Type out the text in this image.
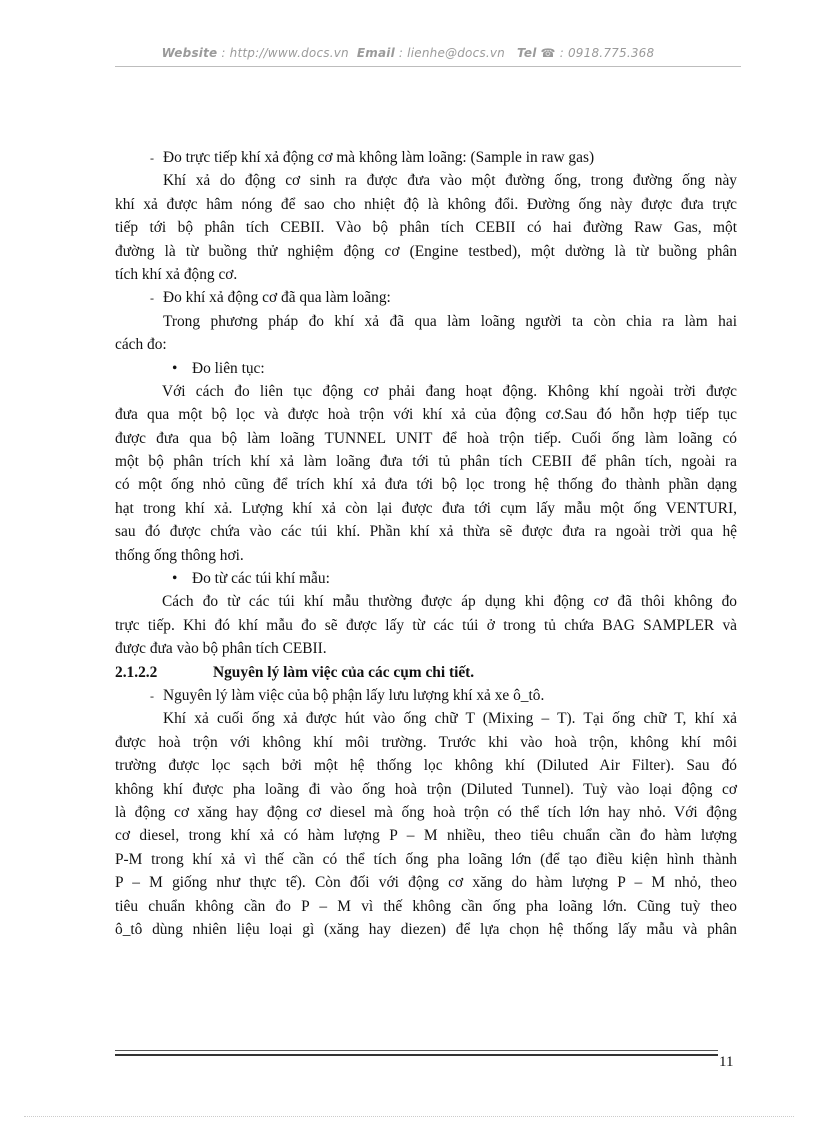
Website : http://www.docs.vn Email : lienhe@docs.vn Tel ☎ : 0918.775.368
- Đo trực tiếp khí xả động cơ mà không làm loãng: (Sample in raw gas)
Khí xả do động cơ sinh ra được đưa vào một đường ống, trong đường ống này
khí xả được hâm nóng để sao cho nhiệt độ là không đổi. Đường ống này được đưa trực
tiếp tới bộ phân tích CEBII. Vào bộ phân tích CEBII có hai đường Raw Gas, một
đường là từ buồng thử nghiệm động cơ (Engine testbed), một dường là từ buồng phân
tích khí xả động cơ.
- Đo khí xả động cơ đã qua làm loãng:
Trong phương pháp đo khí xả đã qua làm loãng người ta còn chia ra làm hai
cách đo:
• Đo liên tục:
Với cách đo liên tục động cơ phải đang hoạt động. Không khí ngoài trời được
đưa qua một bộ lọc và được hoà trộn với khí xả của động cơ.Sau đó hỗn hợp tiếp tục
được đưa qua bộ làm loãng TUNNEL UNIT để hoà trộn tiếp. Cuối ống làm loãng có
một bộ phân trích khí xả làm loãng đưa tới tủ phân tích CEBII để phân tích, ngoài ra
có một ống nhỏ cũng để trích khí xả đưa tới bộ lọc trong hệ thống đo thành phần dạng
hạt trong khí xả. Lượng khí xả còn lại được đưa tới cụm lấy mẫu một ống VENTURI,
sau đó được chứa vào các túi khí. Phần khí xả thừa sẽ được đưa ra ngoài trời qua hệ
thống ống thông hơi.
• Đo từ các túi khí mẫu:
Cách đo từ các túi khí mẫu thường được áp dụng khi động cơ đã thôi không đo
trực tiếp. Khi đó khí mẫu đo sẽ được lấy từ các túi ở trong tủ chứa BAG SAMPLER và
được đưa vào bộ phân tích CEBII.
2.1.2.2	Nguyên lý làm việc của các cụm chi tiết.
- Nguyên lý làm việc của bộ phận lấy lưu lượng khí xả xe ô_tô.
Khí xả cuối ống xả được hút vào ống chữ T (Mixing – T). Tại ống chữ T, khí xả
được hoà trộn với không khí môi trường. Trước khi vào hoà trộn, không khí môi
trường được lọc sạch bởi một hệ thống lọc không khí (Diluted Air Filter). Sau đó
không khí được pha loãng đi vào ống hoà trộn (Diluted Tunnel). Tuỳ vào loại động cơ
là động cơ xăng hay động cơ diesel mà ống hoà trộn có thể tích lớn hay nhỏ. Với động
cơ diesel, trong khí xả có hàm lượng P – M nhiều, theo tiêu chuẩn cần đo hàm lượng
P-M trong khí xả vì thế cần có thể tích ống pha loãng lớn (để tạo điều kiện hình thành
P – M giống như thực tế). Còn đối với động cơ xăng do hàm lượng P – M nhỏ, theo
tiêu chuẩn không cần đo P – M vì thế không cần ống pha loãng lớn. Cũng tuỳ theo
ô_tô dùng nhiên liệu loại gì (xăng hay diezen) để lựa chọn hệ thống lấy mẫu và phân
11
